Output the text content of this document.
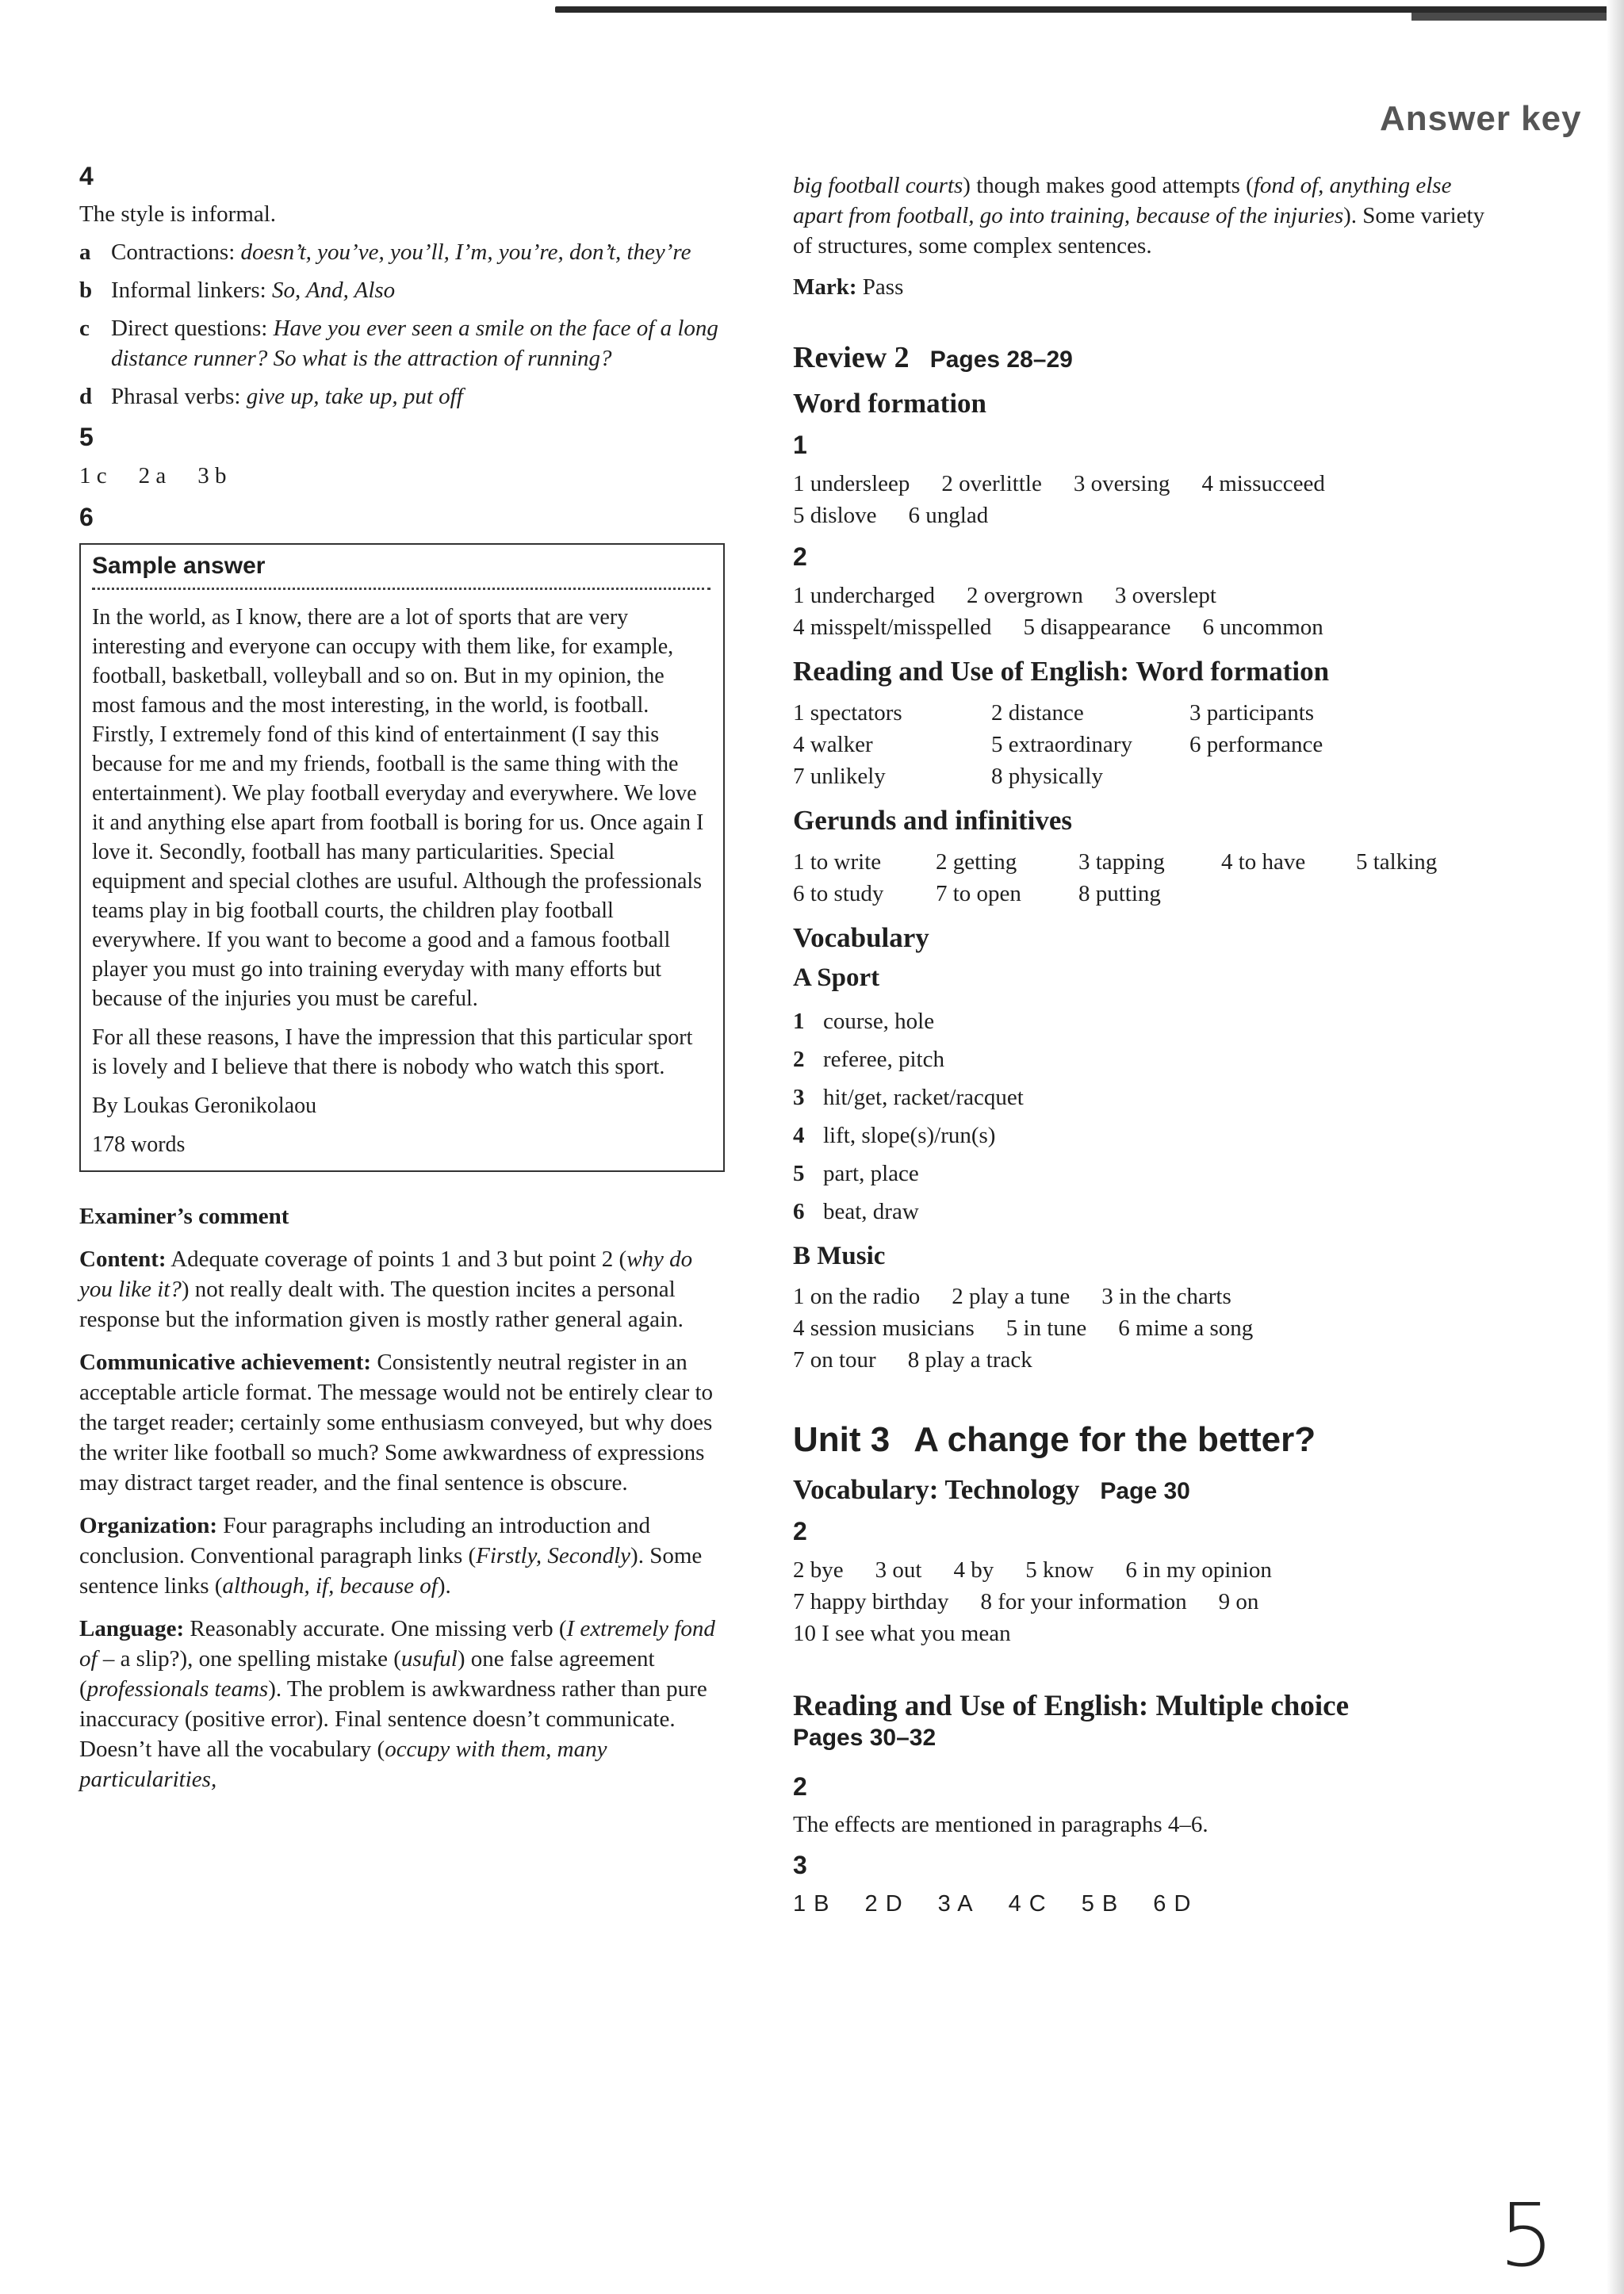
Answer key
4

The style is informal.

a Contractions: doesn’t, you’ve, you’ll, I’m, you’re, don’t, they’re
b Informal linkers: So, And, Also
c Direct questions: Have you ever seen a smile on the face of a long distance runner? So what is the attraction of running?
d Phrasal verbs: give up, take up, put off
5
1 c 2 a 3 b
6
Sample answer

In the world, as I know, there are a lot of sports that are very interesting and everyone can occupy with them like, for example, football, basketball, volleyball and so on. But in my opinion, the most famous and the most interesting, in the world, is football. Firstly, I extremely fond of this kind of entertainment (I say this because for me and my friends, football is the same thing with the entertainment). We play football everyday and everywhere. We love it and anything else apart from football is boring for us. Once again I love it. Secondly, football has many particularities. Special equipment and special clothes are usuful. Although the professionals teams play in big football courts, the children play football everywhere. If you want to become a good and a famous football player you must go into training everyday with many efforts but because of the injuries you must be careful.

For all these reasons, I have the impression that this particular sport is lovely and I believe that there is nobody who watch this sport.

By Loukas Geronikolaou

178 words

Examiner’s comment

Content: Adequate coverage of points 1 and 3 but point 2 (why do you like it?) not really dealt with. The question incites a personal response but the information given is mostly rather general again.

Communicative achievement: Consistently neutral register in an acceptable article format. The message would not be entirely clear to the target reader; certainly some enthusiasm conveyed, but why does the writer like football so much? Some awkwardness of expressions may distract target reader, and the final sentence is obscure.

Organization: Four paragraphs including an introduction and conclusion. Conventional paragraph links (Firstly, Secondly). Some sentence links (although, if, because of).

Language: Reasonably accurate. One missing verb (I extremely fond of – a slip?), one spelling mistake (usuful) one false agreement (professionals teams). The problem is awkwardness rather than pure inaccuracy (positive error). Final sentence doesn’t communicate. Doesn’t have all the vocabulary (occupy with them, many particularities,

big football courts) though makes good attempts (fond of, anything else apart from football, go into training, because of the injuries). Some variety of structures, some complex sentences.

Mark: Pass

Review 2 Pages 28–29
Word formation
1
1 undersleep 2 overlittle 3 oversing 4 missucceed
5 dislove 6 unglad
2
1 undercharged 2 overgrown 3 overslept
4 misspelt/misspelled 5 disappearance 6 uncommon
Reading and Use of English: Word formation
1 spectators	2 distance	3 participants
4 walker	5 extraordinary	6 performance
7 unlikely	8 physically
Gerunds and infinitives
1 to write	2 getting	3 tapping	4 to have	5 talking
6 to study	7 to open	8 putting
Vocabulary
A Sport
1 course, hole
2 referee, pitch
3 hit/get, racket/racquet
4 lift, slope(s)/run(s)
5 part, place
6 beat, draw
B Music
1 on the radio 2 play a tune 3 in the charts
4 session musicians 5 in tune 6 mime a song
7 on tour 8 play a track
Unit 3 A change for the better?
Vocabulary: Technology Page 30
2
2 bye 3 out 4 by 5 know 6 in my opinion
7 happy birthday 8 for your information 9 on
10 I see what you mean
Reading and Use of English: Multiple choice
Pages 30–32
2

The effects are mentioned in paragraphs 4–6.

3
1 B 2 D 3 A 4 C 5 B 6 D
5
